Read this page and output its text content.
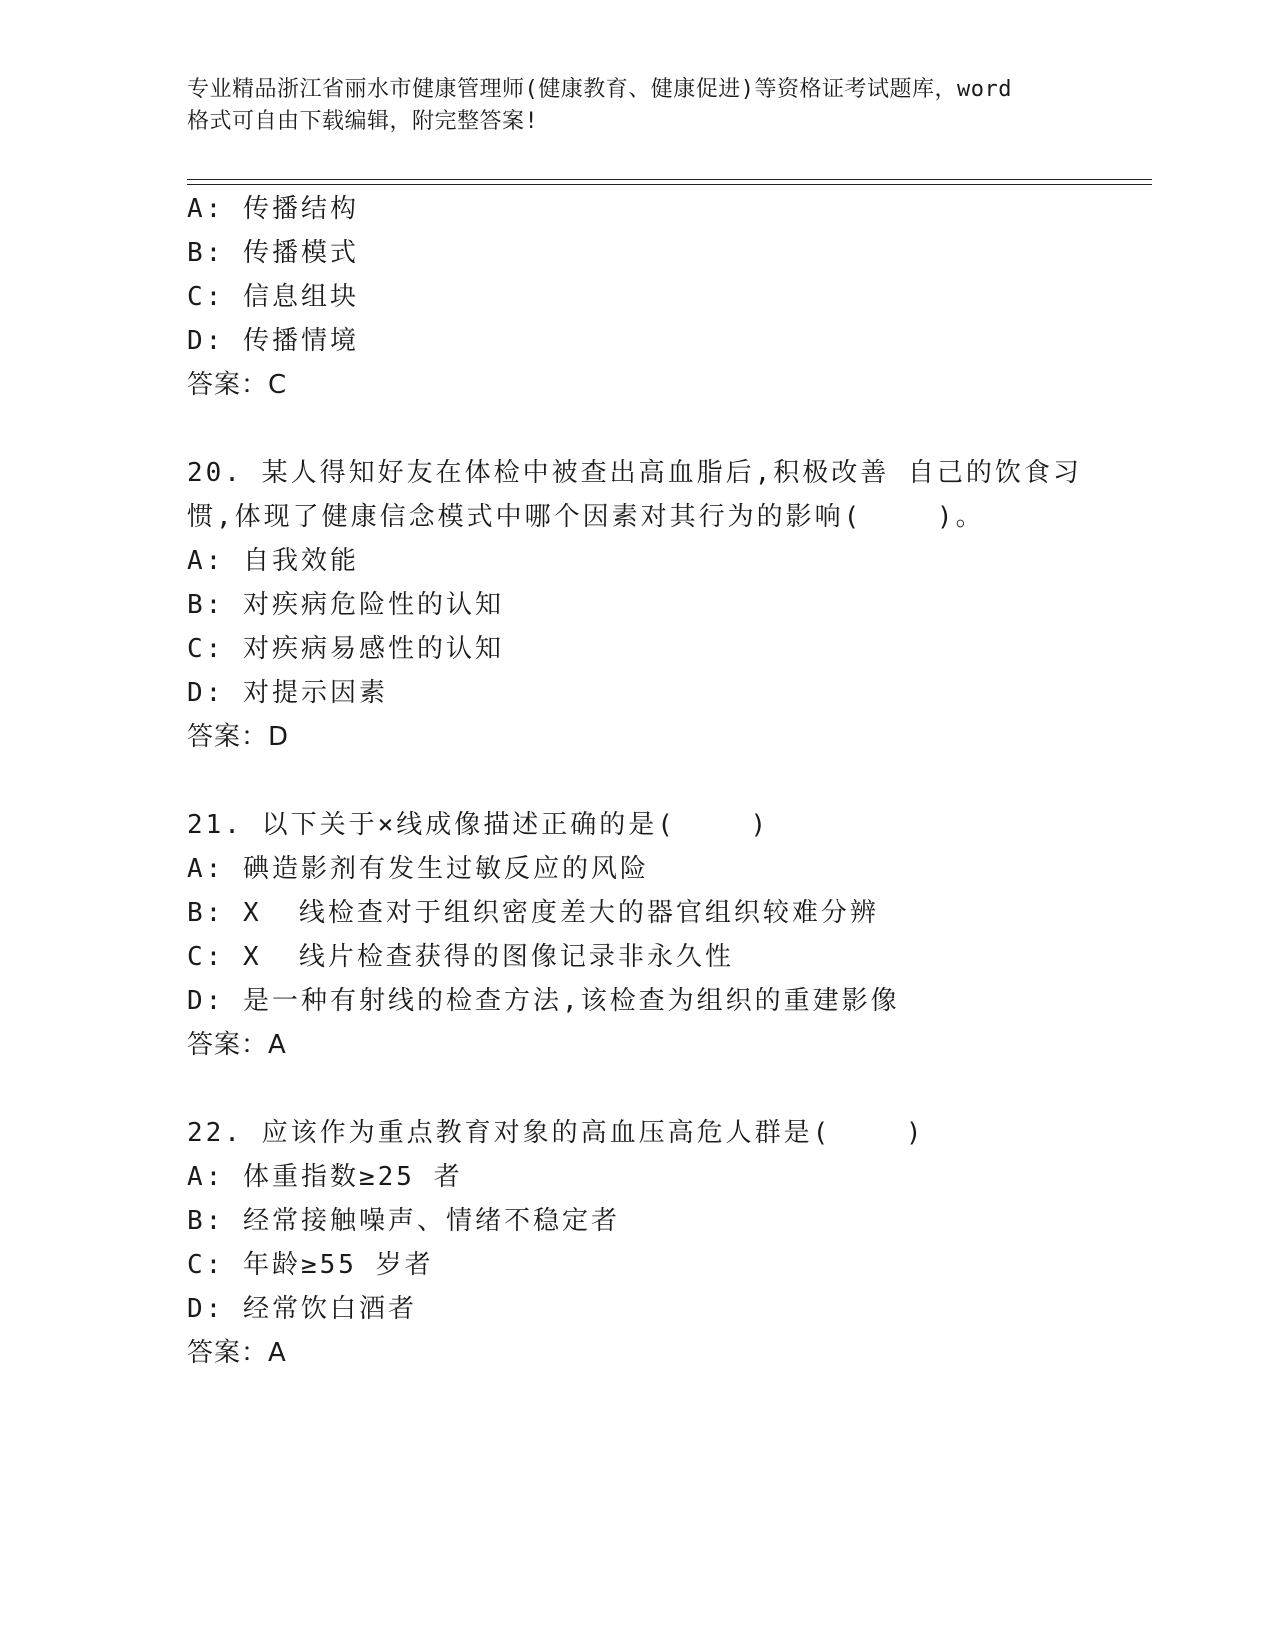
专业精品浙江省丽水市健康管理师(健康教育、健康促进)等资格证考试题库，word
格式可自由下载编辑，附完整答案!
A: 传播结构
B: 传播模式
C: 信息组块
D: 传播情境
答案：C
20. 某人得知好友在体检中被查出高血脂后,积极改善 自己的饮食习
惯,体现了健康信念模式中哪个因素对其行为的影响(    )。
A: 自我效能
B: 对疾病危险性的认知
C: 对疾病易感性的认知
D: 对提示因素
答案：D
21. 以下关于×线成像描述正确的是(    )
A: 碘造影剂有发生过敏反应的风险
B: X  线检查对于组织密度差大的器官组织较难分辨
C: X  线片检查获得的图像记录非永久性
D: 是一种有射线的检查方法,该检查为组织的重建影像
答案：A
22. 应该作为重点教育对象的高血压高危人群是(    )
A: 体重指数≥25 者
B: 经常接触噪声、情绪不稳定者
C: 年龄≥55 岁者
D: 经常饮白酒者
答案：A
